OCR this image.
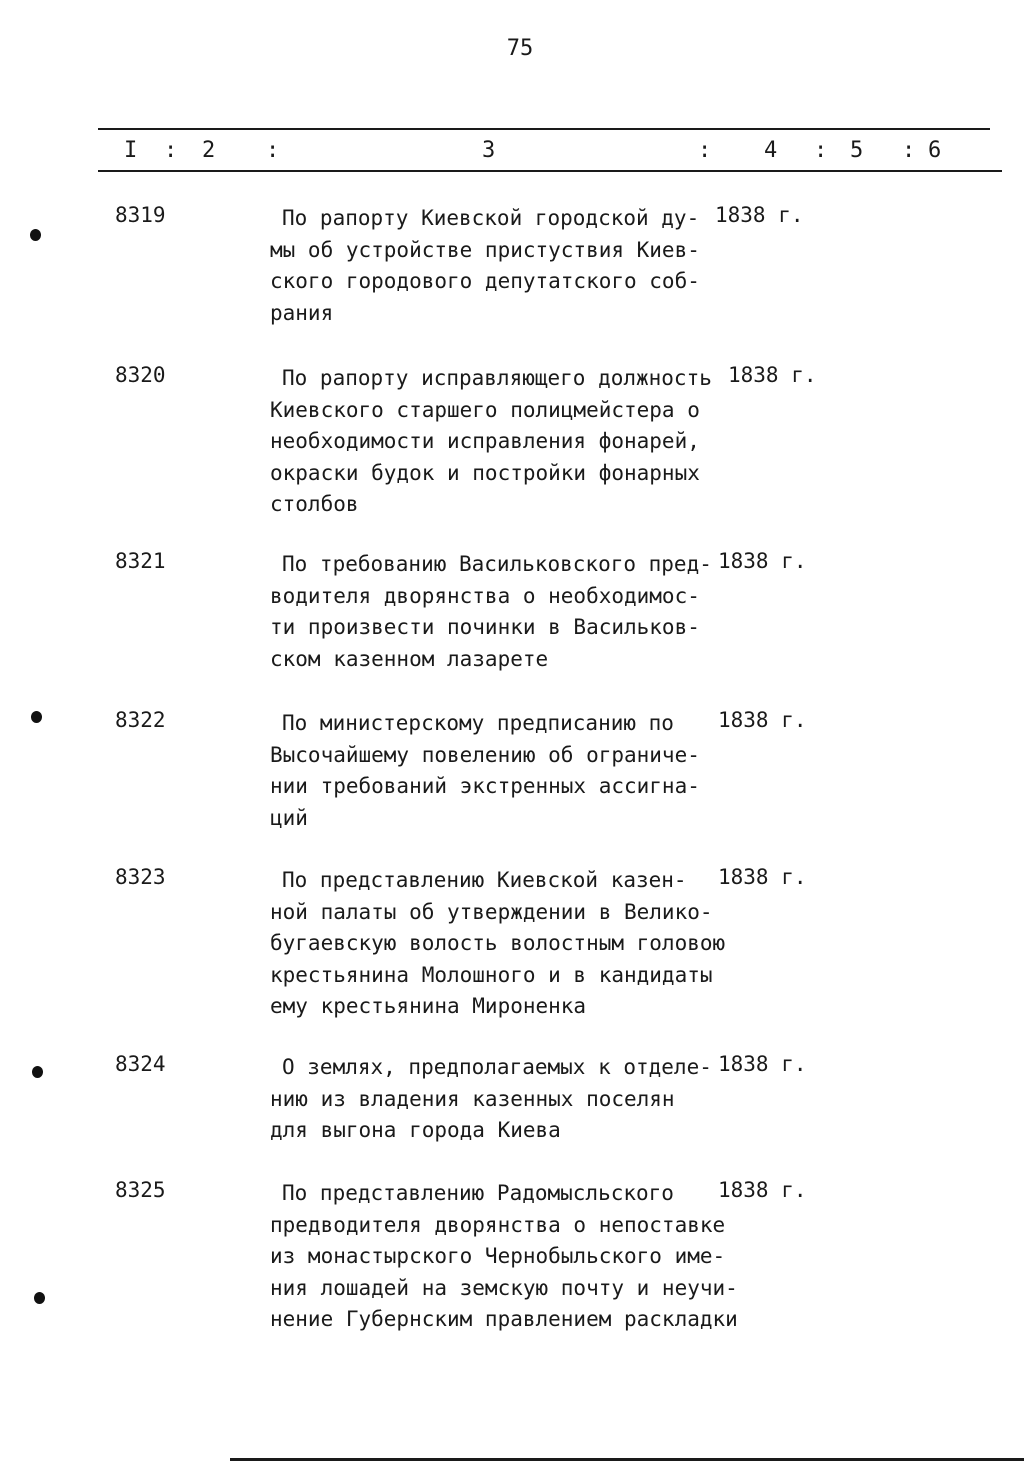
75
I : 2 :	3	: 4 : 5 : 6
8319	По рапорту Киевской городской ду-
мы об устройстве пристуствия Киев-
ского городового депутатского соб-
рания
1838 г.
8320	По рапорту исправляющего должность
Киевского старшего полицмейстера о
необходимости исправления фонарей,
окраски будок и постройки фонарных
столбов
1838 г.
8321	По требованию Васильковского пред-
водителя дворянства о необходимос-
ти произвести починки в Васильков-
ском казенном лазарете
1838 г.
8322	По министерскому предписанию по
Высочайшему повелению об ограниче-
нии требований экстренных ассигна-
ций
1838 г.
8323	По представлению Киевской казен-
ной палаты об утверждении в Велико-
бугаевскую волость волостным головою
крестьянина Молошного и в кандидаты
ему крестьянина Мироненка
1838 г.
8324	О землях, предполагаемых к отделе-
нию из владения казенных поселян
для выгона города Киева
1838 г.
8325	По представлению Радомысльского
предводителя дворянства о непоставке
из монастырского Чернобыльского име-
ния лошадей на земскую почту и неучи-
нение Губернским правлением раскладки
1838 г.
